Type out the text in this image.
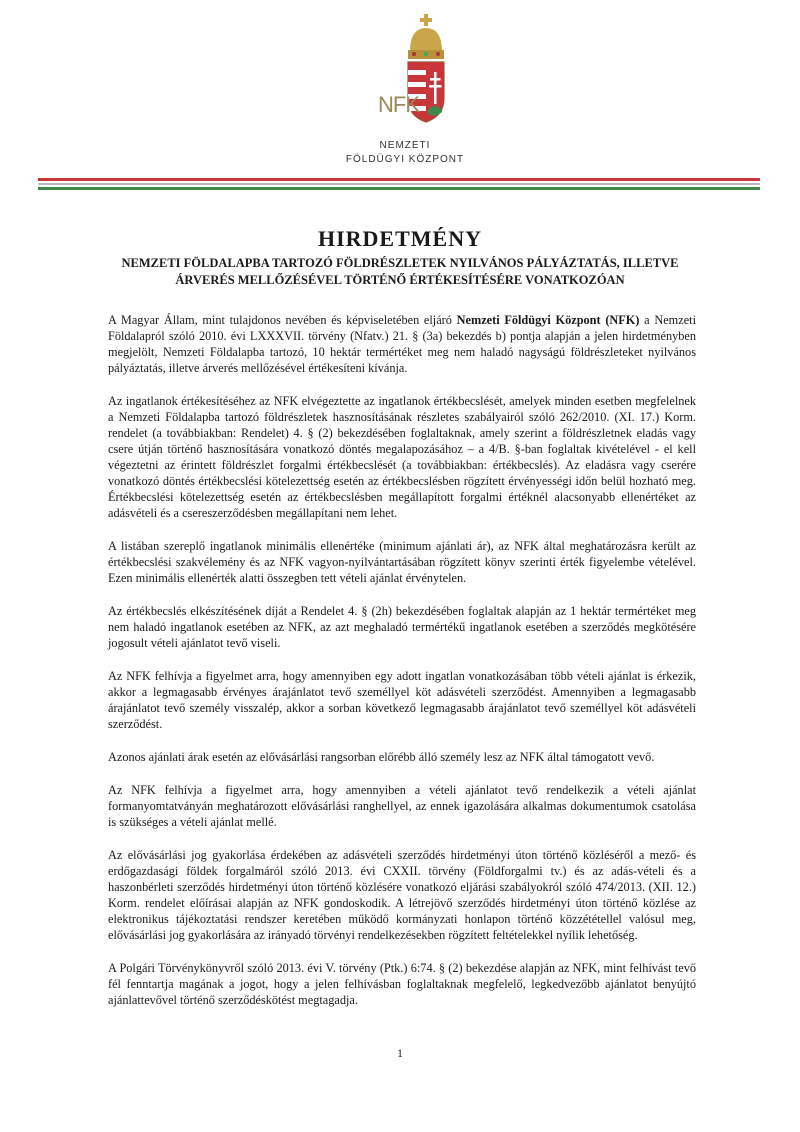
NFK
NEMZETI
FÖLDÜGYI KÖZPONT
HIRDETMÉNY
NEMZETI FÖLDALAPBA TARTOZÓ FÖLDRÉSZLETEK NYILVÁNOS PÁLYÁZTATÁS, ILLETVE ÁRVERÉS MELLŐZÉSÉVEL TÖRTÉNŐ ÉRTÉKESÍTÉSÉRE VONATKOZÓAN

A Magyar Állam, mint tulajdonos nevében és képviseletében eljáró Nemzeti Földügyi Központ (NFK) a Nemzeti Földalapról szóló 2010. évi LXXXVII. törvény (Nfatv.) 21. § (3a) bekezdés b) pontja alapján a jelen hirdetményben megjelölt, Nemzeti Földalapba tartozó, 10 hektár termértéket meg nem haladó nagyságú földrészleteket nyilvános pályáztatás, illetve árverés mellőzésével értékesíteni kívánja.

Az ingatlanok értékesítéséhez az NFK elvégeztette az ingatlanok értékbecslését, amelyek minden esetben megfelelnek a Nemzeti Földalapba tartozó földrészletek hasznosításának részletes szabályairól szóló 262/2010. (XI. 17.) Korm. rendelet (a továbbiakban: Rendelet) 4. § (2) bekezdésében foglaltaknak, amely szerint a földrészletnek eladás vagy csere útján történő hasznosítására vonatkozó döntés megalapozásához – a 4/B. §-ban foglaltak kivételével - el kell végeztetni az érintett földrészlet forgalmi értékbecslését (a továbbiakban: értékbecslés). Az eladásra vagy cserére vonatkozó döntés értékbecslési kötelezettség esetén az értékbecslésben rögzített érvényességi időn belül hozható meg. Értékbecslési kötelezettség esetén az értékbecslésben megállapított forgalmi értéknél alacsonyabb ellenértéket az adásvételi és a csereszerződésben megállapítani nem lehet.

A listában szereplő ingatlanok minimális ellenértéke (minimum ajánlati ár), az NFK által meghatározásra került az értékbecslési szakvélemény és az NFK vagyon-nyilvántartásában rögzített könyv szerinti érték figyelembe vételével. Ezen minimális ellenérték alatti összegben tett vételi ajánlat érvénytelen.

Az értékbecslés elkészítésének díját a Rendelet 4. § (2h) bekezdésében foglaltak alapján az 1 hektár termértéket meg nem haladó ingatlanok esetében az NFK, az azt meghaladó termértékű ingatlanok esetében a szerződés megkötésére jogosult vételi ajánlatot tevő viseli.

Az NFK felhívja a figyelmet arra, hogy amennyiben egy adott ingatlan vonatkozásában több vételi ajánlat is érkezik, akkor a legmagasabb érvényes árajánlatot tevő személlyel köt adásvételi szerződést. Amennyiben a legmagasabb árajánlatot tevő személy visszalép, akkor a sorban következő legmagasabb árajánlatot tevő személlyel köt adásvételi szerződést.

Azonos ajánlati árak esetén az elővásárlási rangsorban előrébb álló személy lesz az NFK által támogatott vevő.

Az NFK felhívja a figyelmet arra, hogy amennyiben a vételi ajánlatot tevő rendelkezik a vételi ajánlat formanyomtatványán meghatározott elővásárlási ranghellyel, az ennek igazolására alkalmas dokumentumok csatolása is szükséges a vételi ajánlat mellé.

Az elővásárlási jog gyakorlása érdekében az adásvételi szerződés hirdetményi úton történő közléséről a mező- és erdőgazdasági földek forgalmáról szóló 2013. évi CXXII. törvény (Földforgalmi tv.) és az adás-vételi és a haszonbérleti szerződés hirdetményi úton történő közlésére vonatkozó eljárási szabályokról szóló 474/2013. (XII. 12.) Korm. rendelet előírásai alapján az NFK gondoskodik. A létrejövő szerződés hirdetményi úton történő közlése az elektronikus tájékoztatási rendszer keretében működő kormányzati honlapon történő közzététellel valósul meg, elővásárlási jog gyakorlására az irányadó törvényi rendelkezésekben rögzített feltételekkel nyílik lehetőség.

A Polgári Törvénykönyvről szóló 2013. évi V. törvény (Ptk.) 6:74. § (2) bekezdése alapján az NFK, mint felhívást tevő fél fenntartja magának a jogot, hogy a jelen felhívásban foglaltaknak megfelelő, legkedvezőbb ajánlatot benyújtó ajánlattevővel történő szerződéskötést megtagadja.

1
